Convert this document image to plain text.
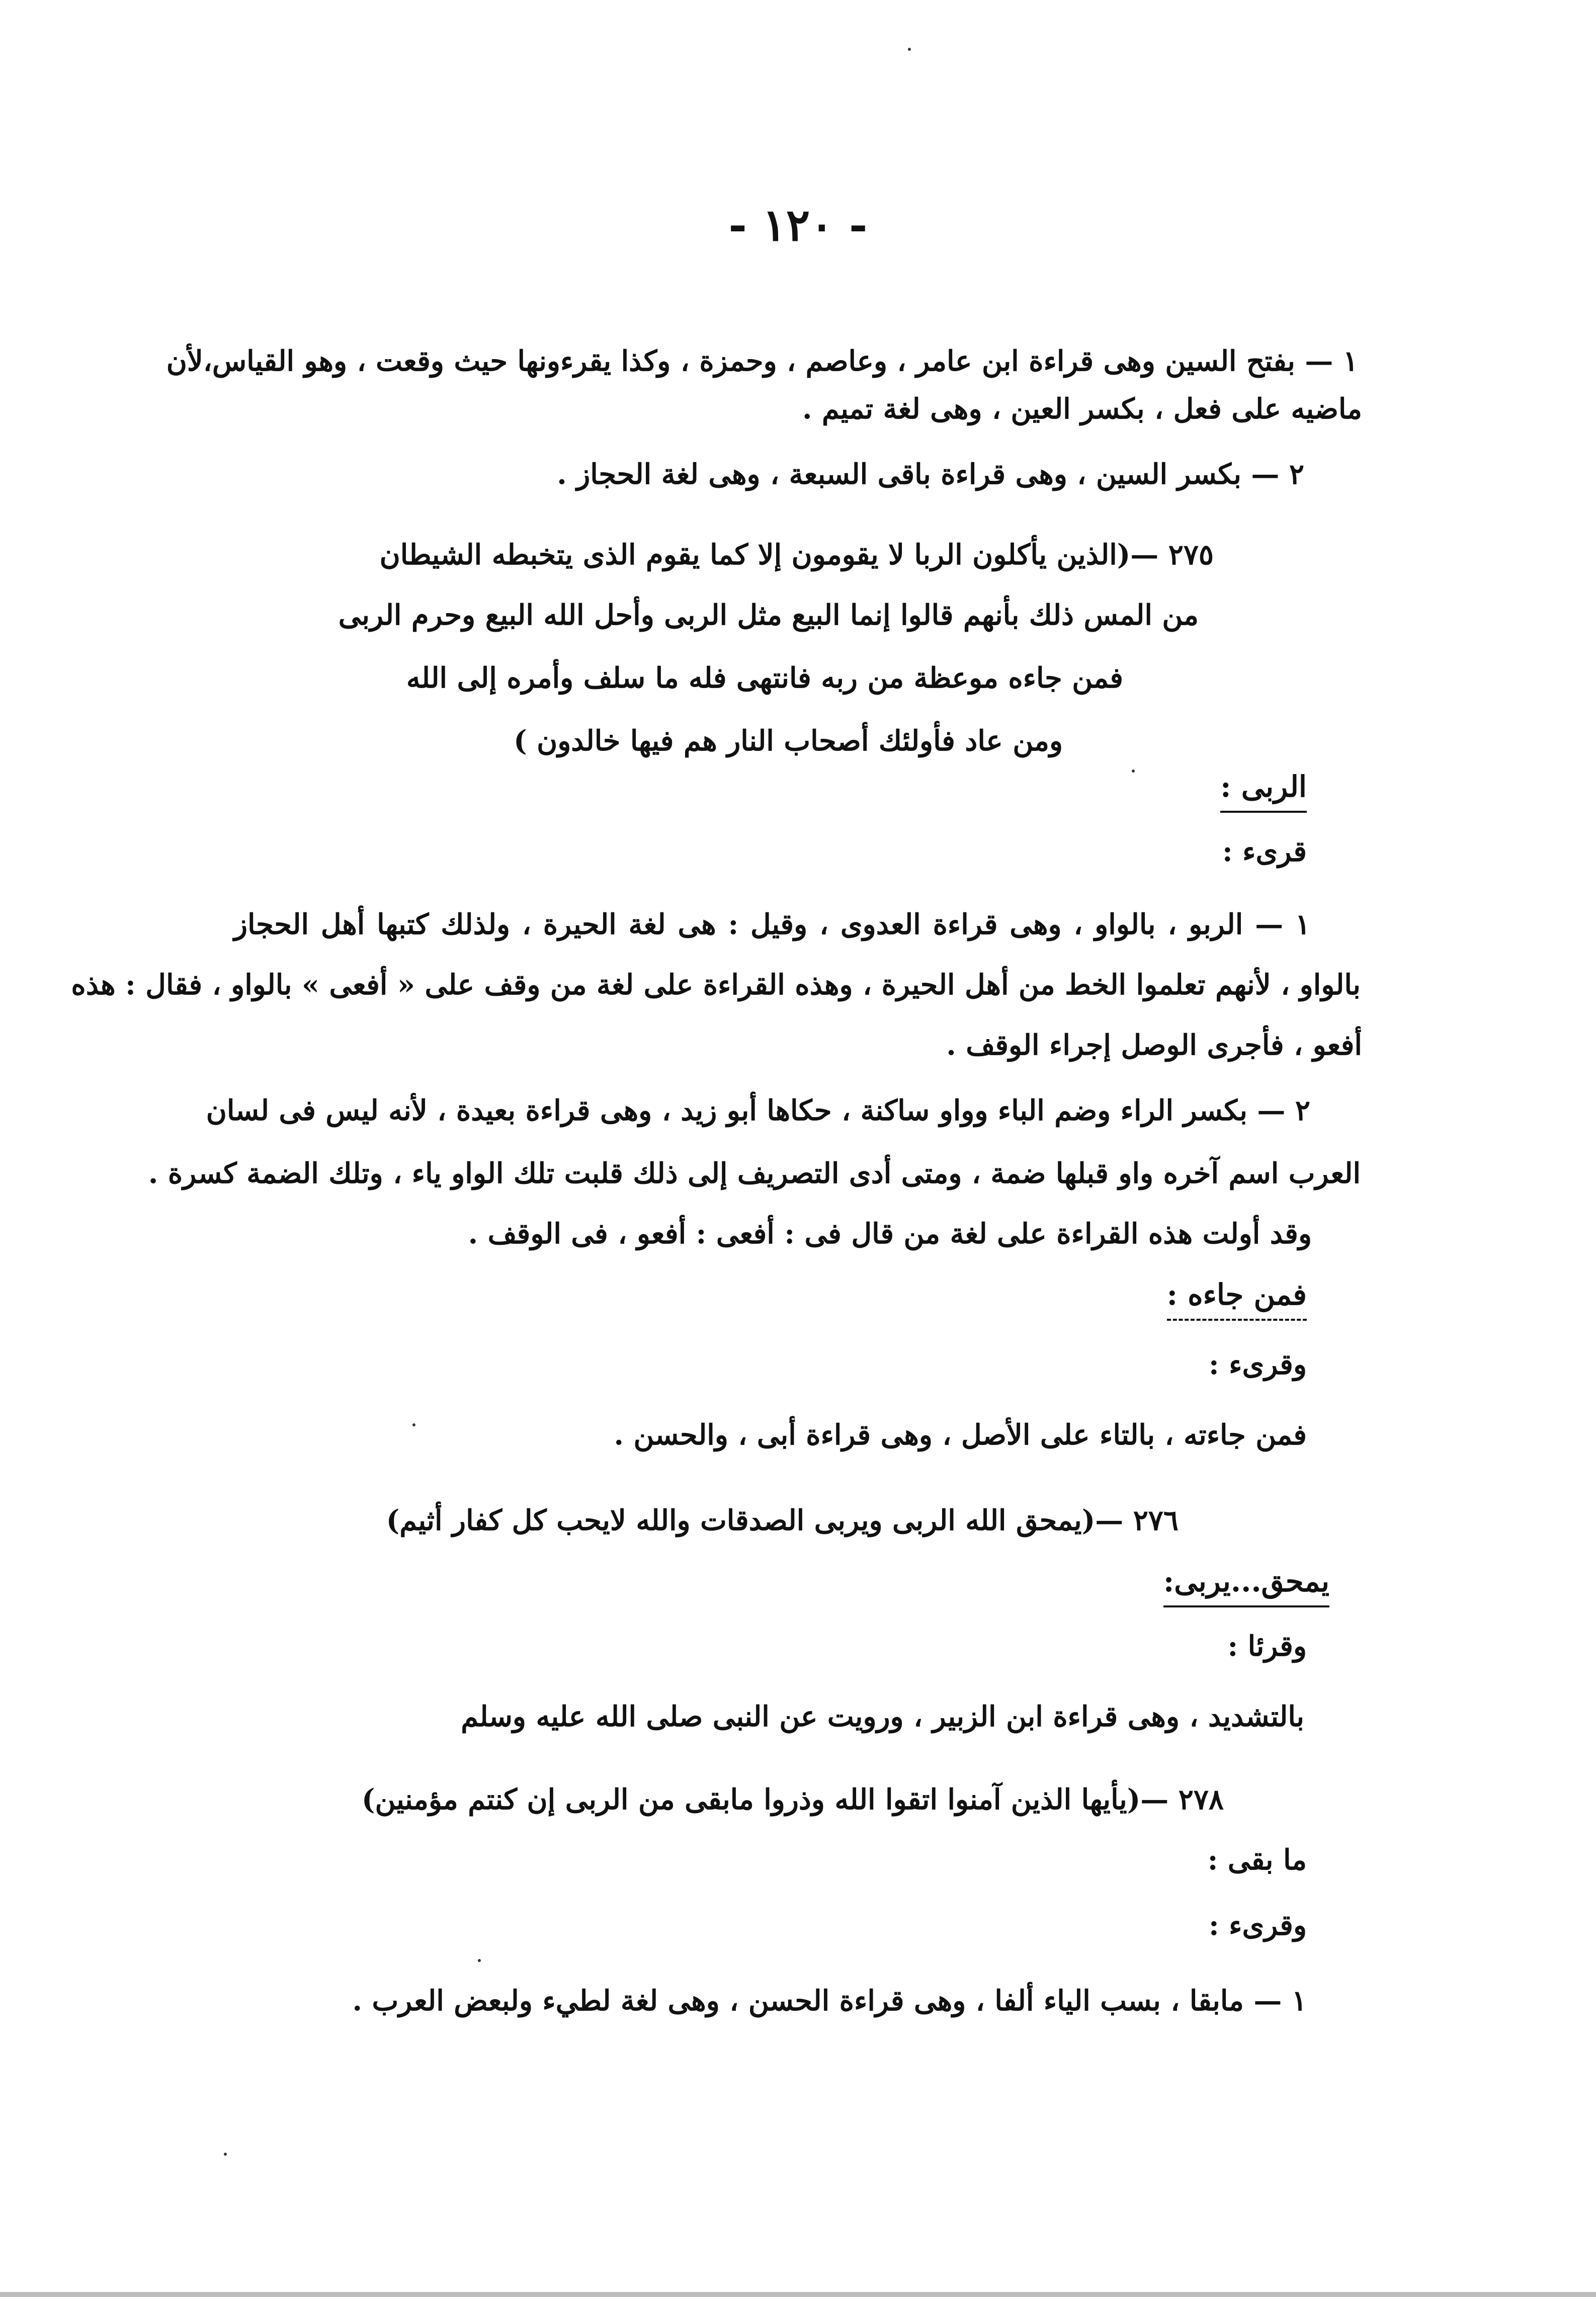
- ١٢٠ -
١ — بفتح السين وهى قراءة ابن عامر ، وعاصم ، وحمزة ، وكذا يقرءونها حيث وقعت ، وهو القياس،لأن
ماضيه على فعل ، بكسر العين ، وهى لغة تميم .
٢ — بكسر السين ، وهى قراءة باقى السبعة ، وهى لغة الحجاز .
٢٧٥ —(الذين يأكلون الربا لا يقومون إلا كما يقوم الذى يتخبطه الشيطان
من المس ذلك بأنهم قالوا إنما البيع مثل الربى وأحل الله البيع وحرم الربى
فمن جاءه موعظة من ربه فانتهى فله ما سلف وأمره إلى الله
ومن عاد فأولئك أصحاب النار هم فيها خالدون )
الربى :
قرىء :
١ — الربو ، بالواو ، وهى قراءة العدوى ، وقيل : هى لغة الحيرة ، ولذلك كتبها أهل الحجاز
بالواو ، لأنهم تعلموا الخط من أهل الحيرة ، وهذه القراءة على لغة من وقف على « أفعى » بالواو ، فقال : هذه
أفعو ، فأجرى الوصل إجراء الوقف .
٢ — بكسر الراء وضم الباء وواو ساكنة ، حكاها أبو زيد ، وهى قراءة بعيدة ، لأنه ليس فى لسان
العرب اسم آخره واو قبلها ضمة ، ومتى أدى التصريف إلى ذلك قلبت تلك الواو ياء ، وتلك الضمة كسرة .
وقد أولت هذه القراءة على لغة من قال فى : أفعى : أفعو ، فى الوقف .
فمن جاءه :
وقرىء :
فمن جاءته ، بالتاء على الأصل ، وهى قراءة أبى ، والحسن .
٢٧٦ —(يمحق الله الربى ويربى الصدقات والله لايحب كل كفار أثيم)
يمحق...يربى:
وقرئا :
بالتشديد ، وهى قراءة ابن الزبير ، ورويت عن النبى صلى الله عليه وسلم
٢٧٨ —(يأيها الذين آمنوا اتقوا الله وذروا مابقى من الربى إن كنتم مؤمنين)
ما بقى :
وقرىء :
١ — مابقا ، بسب الياء ألفا ، وهى قراءة الحسن ، وهى لغة لطيء ولبعض العرب .
